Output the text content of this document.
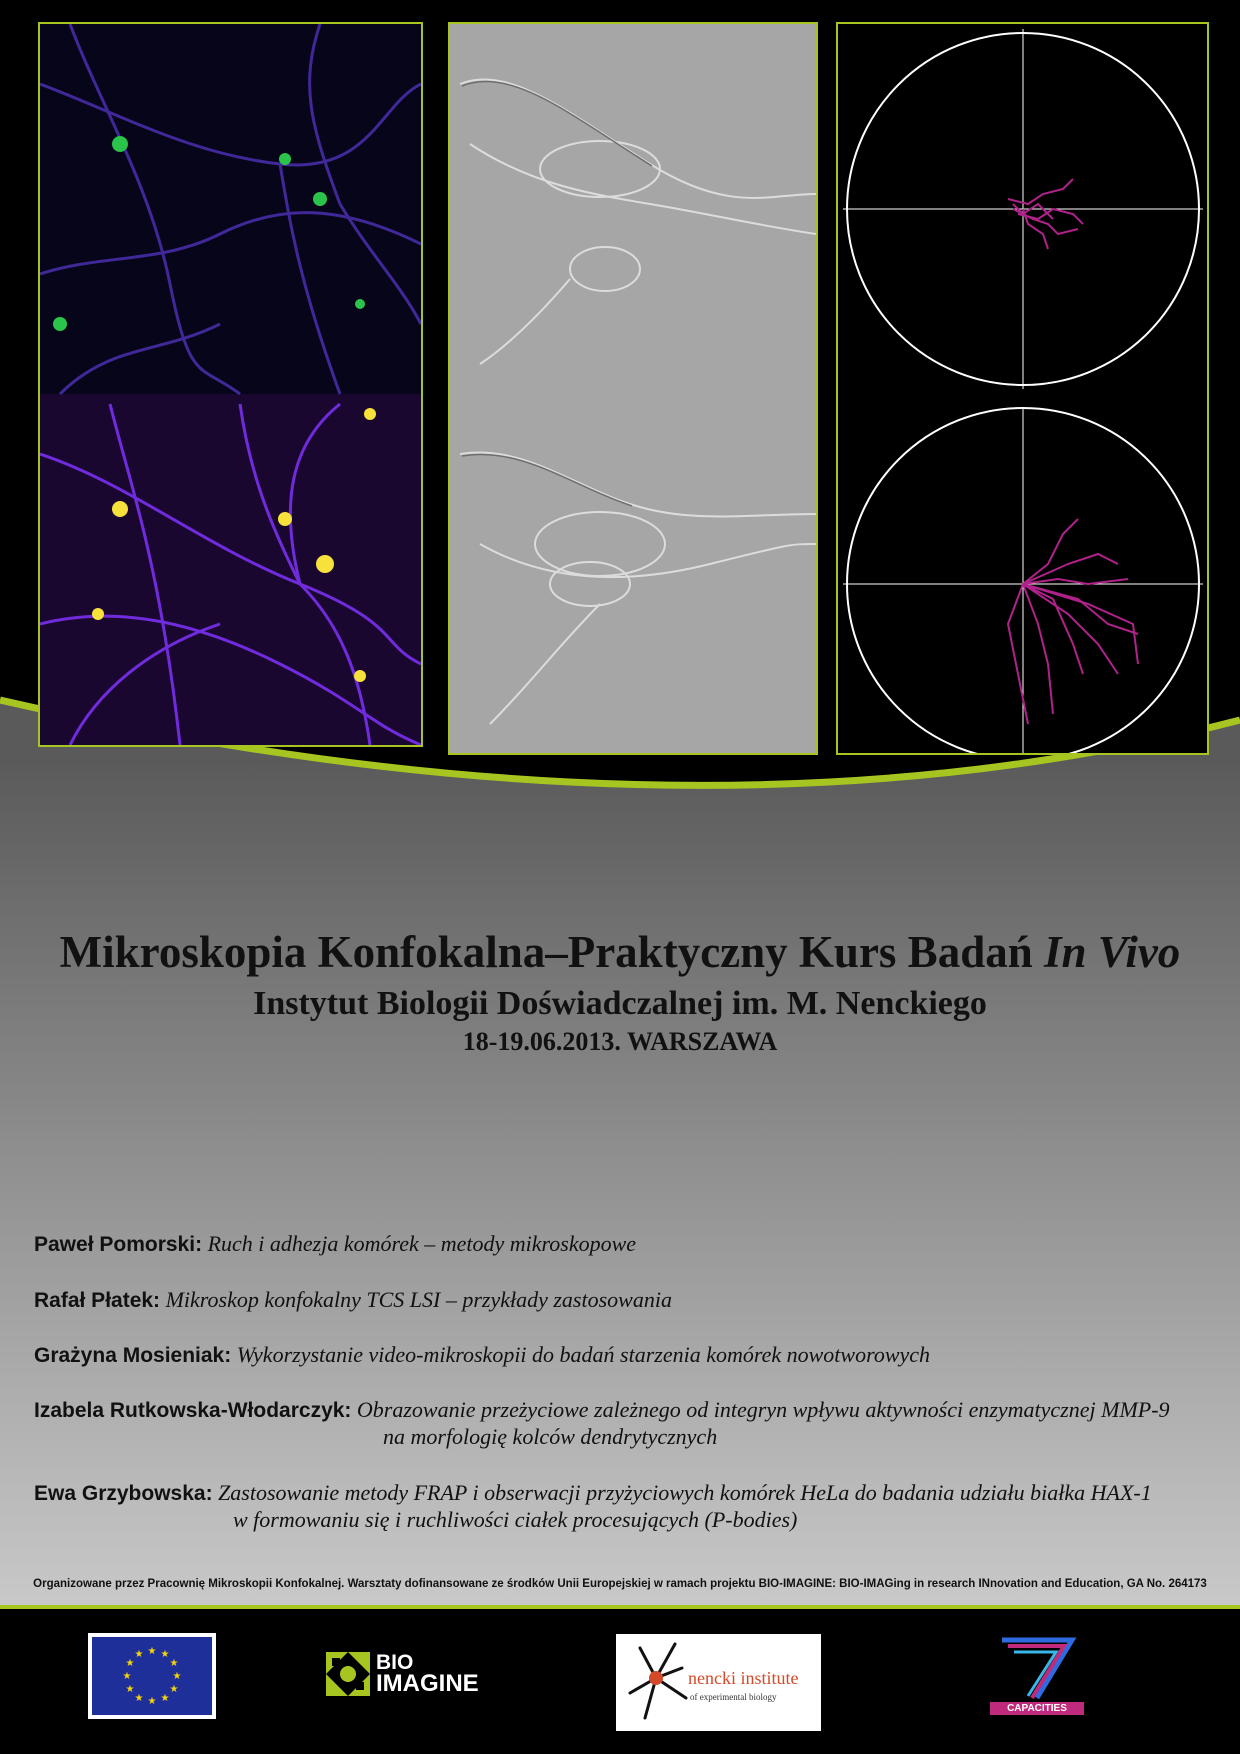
Mikroskopia Konfokalna–Praktyczny Kurs Badań In Vivo
Instytut Biologii Doświadczalnej im. M. Nenckiego
18-19.06.2013. WARSZAWA
Paweł Pomorski: Ruch i adhezja komórek – metody mikroskopowe
Rafał Płatek: Mikroskop konfokalny TCS LSI – przykłady zastosowania
Grażyna Mosieniak: Wykorzystanie video-mikroskopii do badań starzenia komórek nowotworowych
Izabela Rutkowska-Włodarczyk: Obrazowanie przeżyciowe zależnego od integryn wpływu aktywności enzymatycznej MMP-9
na morfologię kolców dendrytycznych
Ewa Grzybowska: Zastosowanie metody FRAP i obserwacji przyżyciowych komórek HeLa do badania udziału białka HAX-1
w formowaniu się i ruchliwości ciałek procesujących (P-bodies)
Organizowane przez Pracownię Mikroskopii Konfokalnej. Warsztaty dofinansowane ze środków Unii Europejskiej w ramach projektu BIO-IMAGINE: BIO-IMAGing in research INnovation and Education, GA No. 264173
★ ★
★
★
★
★
★
★
★
★
★
★	BIO
IMAGINE	nencki institute
of experimental biology
CAPACITIES
